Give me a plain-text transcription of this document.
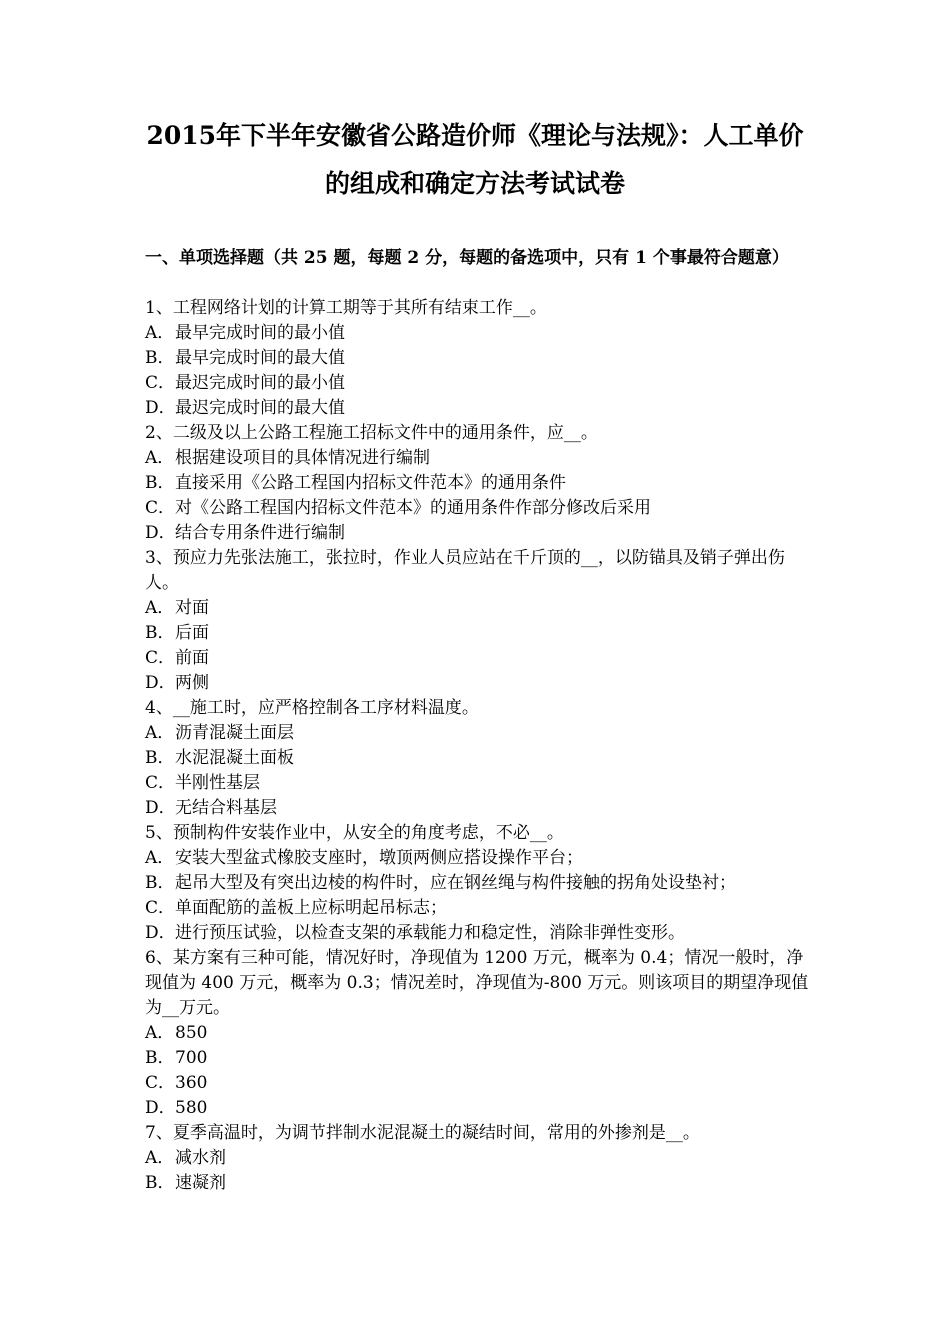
2015年下半年安徽省公路造价师《理论与法规》：人工单价
的组成和确定方法考试试卷
一、单项选择题（共 25 题，每题 2 分，每题的备选项中，只有 1 个事最符合题意）
1、工程网络计划的计算工期等于其所有结束工作__。
A．最早完成时间的最小值
B．最早完成时间的最大值
C．最迟完成时间的最小值
D．最迟完成时间的最大值
2、二级及以上公路工程施工招标文件中的通用条件，应__。
A．根据建设项目的具体情况进行编制
B．直接采用《公路工程国内招标文件范本》的通用条件
C．对《公路工程国内招标文件范本》的通用条件作部分修改后采用
D．结合专用条件进行编制
3、预应力先张法施工，张拉时，作业人员应站在千斤顶的__，以防锚具及销子弹出伤人。
A．对面
B．后面
C．前面
D．两侧
4、__施工时，应严格控制各工序材料温度。
A．沥青混凝土面层
B．水泥混凝土面板
C．半刚性基层
D．无结合料基层
5、预制构件安装作业中，从安全的角度考虑，不必__。
A．安装大型盆式橡胶支座时，墩顶两侧应搭设操作平台；
B．起吊大型及有突出边棱的构件时，应在钢丝绳与构件接触的拐角处设垫衬；
C．单面配筋的盖板上应标明起吊标志；
D．进行预压试验，以检查支架的承载能力和稳定性，消除非弹性变形。
6、某方案有三种可能，情况好时，净现值为 1200 万元，概率为 0.4；情况一般时，净现值为 400 万元，概率为 0.3；情况差时，净现值为-800 万元。则该项目的期望净现值为__万元。
A．850
B．700
C．360
D．580
7、夏季高温时，为调节拌制水泥混凝土的凝结时间，常用的外掺剂是__。
A．减水剂
B．速凝剂
